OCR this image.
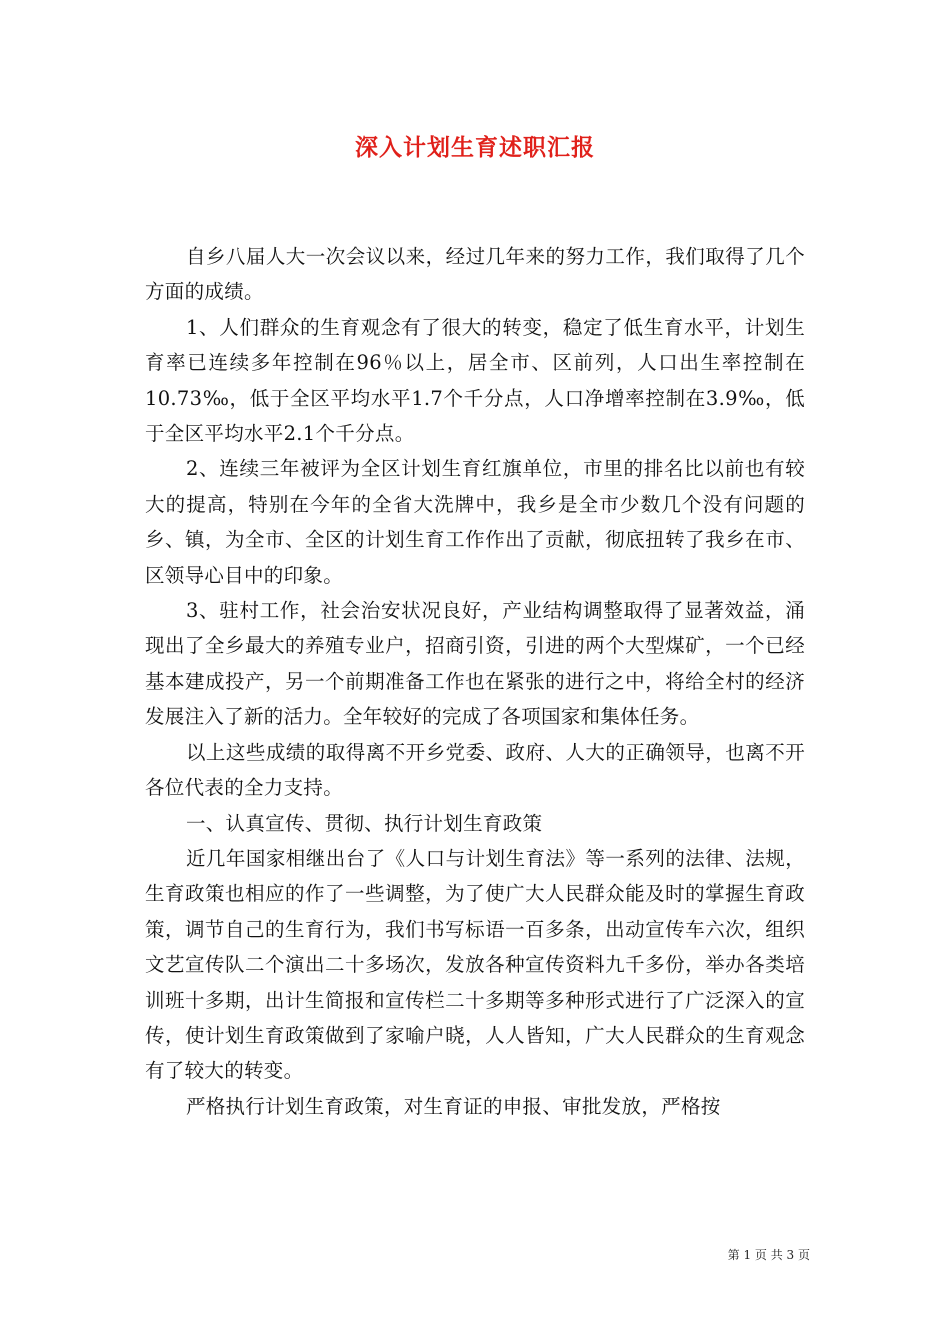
深入计划生育述职汇报

自乡八届人大一次会议以来，经过几年来的努力工作，我们取得了几个方面的成绩。

1、人们群众的生育观念有了很大的转变，稳定了低生育水平，计划生育率已连续多年控制在96％以上，居全市、区前列，人口出生率控制在10.73‰，低于全区平均水平1.7个千分点，人口净增率控制在3.9‰，低于全区平均水平2.1个千分点。

2、连续三年被评为全区计划生育红旗单位，市里的排名比以前也有较大的提高，特别在今年的全省大洗牌中，我乡是全市少数几个没有问题的乡、镇，为全市、全区的计划生育工作作出了贡献，彻底扭转了我乡在市、区领导心目中的印象。

3、驻村工作，社会治安状况良好，产业结构调整取得了显著效益，涌现出了全乡最大的养殖专业户，招商引资，引进的两个大型煤矿，一个已经基本建成投产，另一个前期准备工作也在紧张的进行之中，将给全村的经济发展注入了新的活力。全年较好的完成了各项国家和集体任务。

以上这些成绩的取得离不开乡党委、政府、人大的正确领导，也离不开各位代表的全力支持。

一、认真宣传、贯彻、执行计划生育政策

近几年国家相继出台了《人口与计划生育法》等一系列的法律、法规，生育政策也相应的作了一些调整，为了使广大人民群众能及时的掌握生育政策，调节自己的生育行为，我们书写标语一百多条，出动宣传车六次，组织文艺宣传队二个演出二十多场次，发放各种宣传资料九千多份，举办各类培训班十多期，出计生简报和宣传栏二十多期等多种形式进行了广泛深入的宣传，使计划生育政策做到了家喻户晓，人人皆知，广大人民群众的生育观念有了较大的转变。

严格执行计划生育政策，对生育证的申报、审批发放，严格按

第 1 页 共 3 页
